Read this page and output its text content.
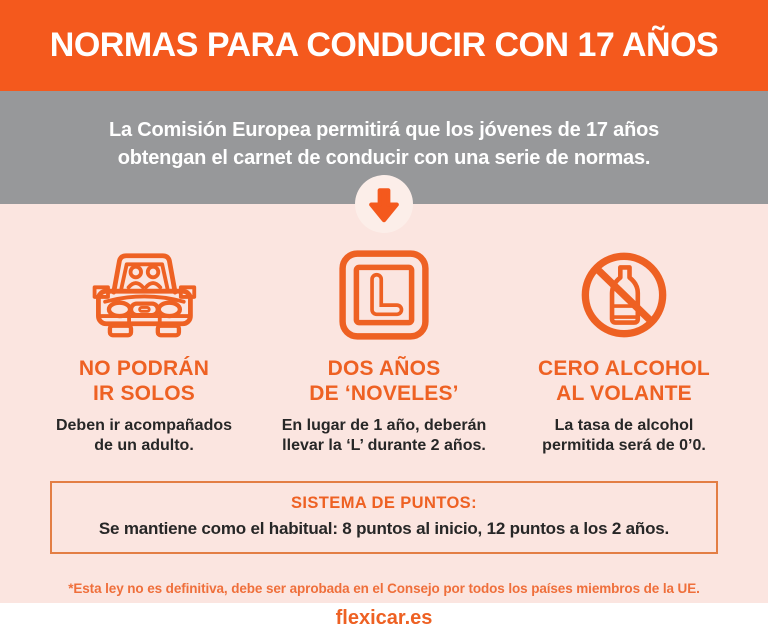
NORMAS PARA CONDUCIR CON 17 AÑOS

La Comisión Europea permitirá que los jóvenes de 17 años

obtengan el carnet de conducir con una serie de normas.

NO PODRÁN
IR SOLOS

Deben ir acompañados
de un adulto.

DOS AÑOS
DE ‘NOVELES’

En lugar de 1 año, deberán
llevar la ‘L’ durante 2 años.

CERO ALCOHOL
AL VOLANTE

La tasa de alcohol
permitida será de 0’0.

SISTEMA DE PUNTOS:

Se mantiene como el habitual: 8 puntos al inicio, 12 puntos a los 2 años.

*Esta ley no es definitiva, debe ser aprobada en el Consejo por todos los países miembros de la UE.

flexicar.es
